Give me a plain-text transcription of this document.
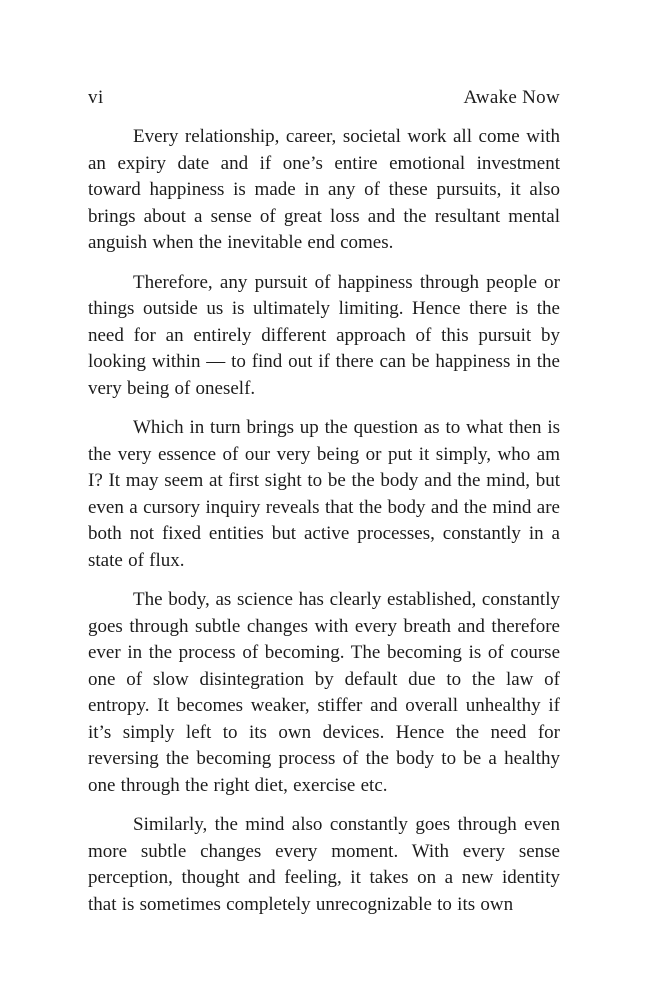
vi	Awake Now

Every relationship, career, societal work all come with an expiry date and if one’s entire emotional investment toward happiness is made in any of these pursuits, it also brings about a sense of great loss and the resultant mental anguish when the inevitable end comes.

Therefore, any pursuit of happiness through people or things outside us is ultimately limiting. Hence there is the need for an entirely different approach of this pursuit by looking within — to find out if there can be happiness in the very being of oneself.

Which in turn brings up the question as to what then is the very essence of our very being or put it simply, who am I? It may seem at first sight to be the body and the mind, but even a cursory inquiry reveals that the body and the mind are both not fixed entities but active processes, constantly in a state of flux.

The body, as science has clearly established, constantly goes through subtle changes with every breath and therefore ever in the process of becoming. The becoming is of course one of slow disintegration by default due to the law of entropy. It becomes weaker, stiffer and overall unhealthy if it’s simply left to its own devices. Hence the need for reversing the becoming process of the body to be a healthy one through the right diet, exercise etc.

Similarly, the mind also constantly goes through even more subtle changes every moment. With every sense perception, thought and feeling, it takes on a new identity that is sometimes completely unrecognizable to its own
